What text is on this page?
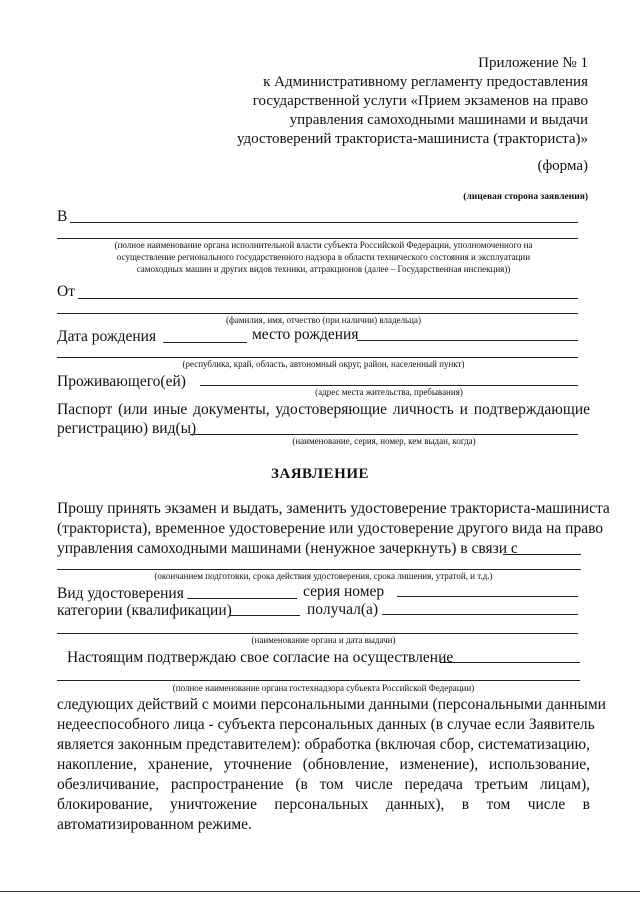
Приложение № 1
к Административному регламенту предоставления
государственной услуги «Прием экзаменов на право
управления самоходными машинами и выдачи
удостоверений тракториста-машиниста (тракториста)»
(форма)
(лицевая сторона заявления)
В
(полное наименование органа исполнительной власти субъекта Российской Федерации, уполномоченного на
осуществление регионального государственного надзора в области технического состояния и эксплуатации
самоходных машин и других видов техники, аттракционов (далее – Государственная инспекция))
От
(фамилия, имя, отчество (при наличии) владельца)
Дата рождения	место рождения
(республика, край, область, автономный округ, район, населенный пункт)
Проживающего(ей)
(адрес места жительства, пребывания)
Паспорт (или иные документы, удостоверяющие личность и подтверждающие
регистрацию) вид(ы)
(наименование, серия, номер, кем выдан, когда)
ЗАЯВЛЕНИЕ
Прошу принять экзамен и выдать, заменить удостоверение тракториста-машиниста
(тракториста), временное удостоверение или удостоверение другого вида на право
управления самоходными машинами (ненужное зачеркнуть) в связи с
(окончанием подготовки, срока действия удостоверения, срока лишения, утратой, и т.д.)
Вид удостоверения	серия номер
категории (квалификации)	получал(а)
(наименование органа и дата выдачи)
Настоящим подтверждаю свое согласие на осуществление
(полное наименование органа гостехнадзора субъекта Российской Федерации)
следующих действий с моими персональными данными (персональными данными
недееспособного лица - субъекта персональных данных (в случае если Заявитель
является законным представителем): обработка (включая сбор, систематизацию,
накопление, хранение, уточнение (обновление, изменение), использование,
обезличивание, распространение (в том числе передача третьим лицам),
блокирование, уничтожение персональных данных), в том числе в
автоматизированном режиме.
